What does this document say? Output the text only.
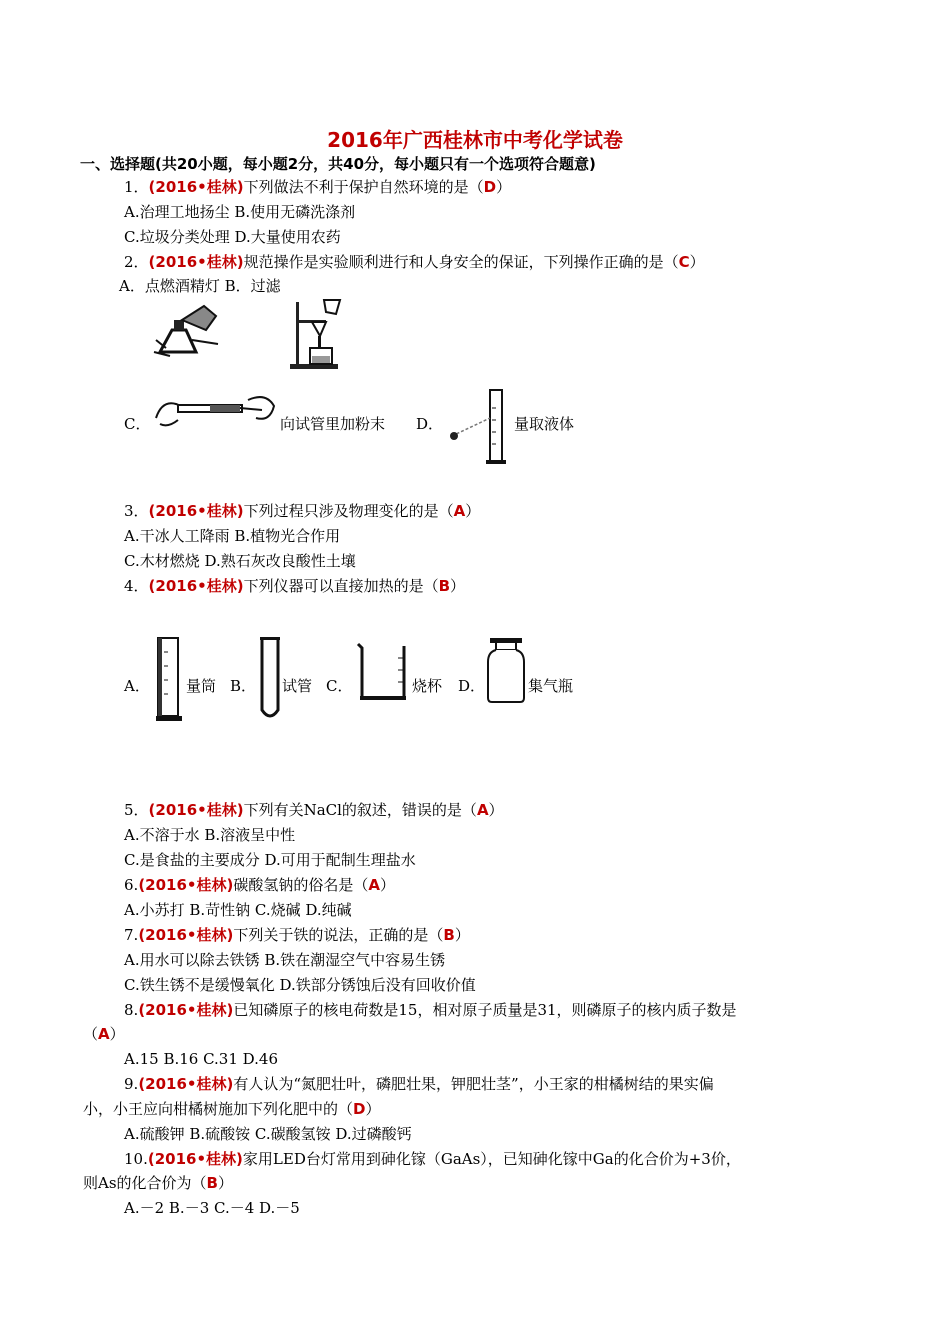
2016年广西桂林市中考化学试卷
一、选择题(共20小题，每小题2分，共40分，每小题只有一个选项符合题意)
1．(2016•桂林)下列做法不利于保护自然环境的是（D）
A.治理工地扬尘 B.使用无磷洗涤剂
C.垃圾分类处理 D.大量使用农药
2．(2016•桂林)规范操作是实验顺利进行和人身安全的保证，下列操作正确的是（C）
A．点燃酒精灯 B．过滤
C．	向试管里加粉末 D．	量取液体
3．(2016•桂林)下列过程只涉及物理变化的是（A）
A.干冰人工降雨 B.植物光合作用
C.木材燃烧 D.熟石灰改良酸性土壤
4．(2016•桂林)下列仪器可以直接加热的是（B）
A． 量筒 B． 试管 C．	烧杯 D．	集气瓶
5．(2016•桂林)下列有关NaCl的叙述，错误的是（A）
A.不溶于水 B.溶液呈中性
C.是食盐的主要成分 D.可用于配制生理盐水
6.(2016•桂林)碳酸氢钠的俗名是（A）
A.小苏打 B.苛性钠 C.烧碱 D.纯碱
7.(2016•桂林)下列关于铁的说法，正确的是（B）
A.用水可以除去铁锈 B.铁在潮湿空气中容易生锈
C.铁生锈不是缓慢氧化 D.铁部分锈蚀后没有回收价值
8.(2016•桂林)已知磷原子的核电荷数是15，相对原子质量是31，则磷原子的核内质子数是
（A）
A.15 B.16 C.31 D.46
9.(2016•桂林)有人认为“氮肥壮叶，磷肥壮果，钾肥壮茎”，小王家的柑橘树结的果实偏
小，小王应向柑橘树施加下列化肥中的（D）
A.硫酸钾 B.硫酸铵 C.碳酸氢铵 D.过磷酸钙
10.(2016•桂林)家用LED台灯常用到砷化镓（GaAs），已知砷化镓中Ga的化合价为+3价，
则As的化合价为（B）
A.－2 B.－3 C.－4 D.－5
